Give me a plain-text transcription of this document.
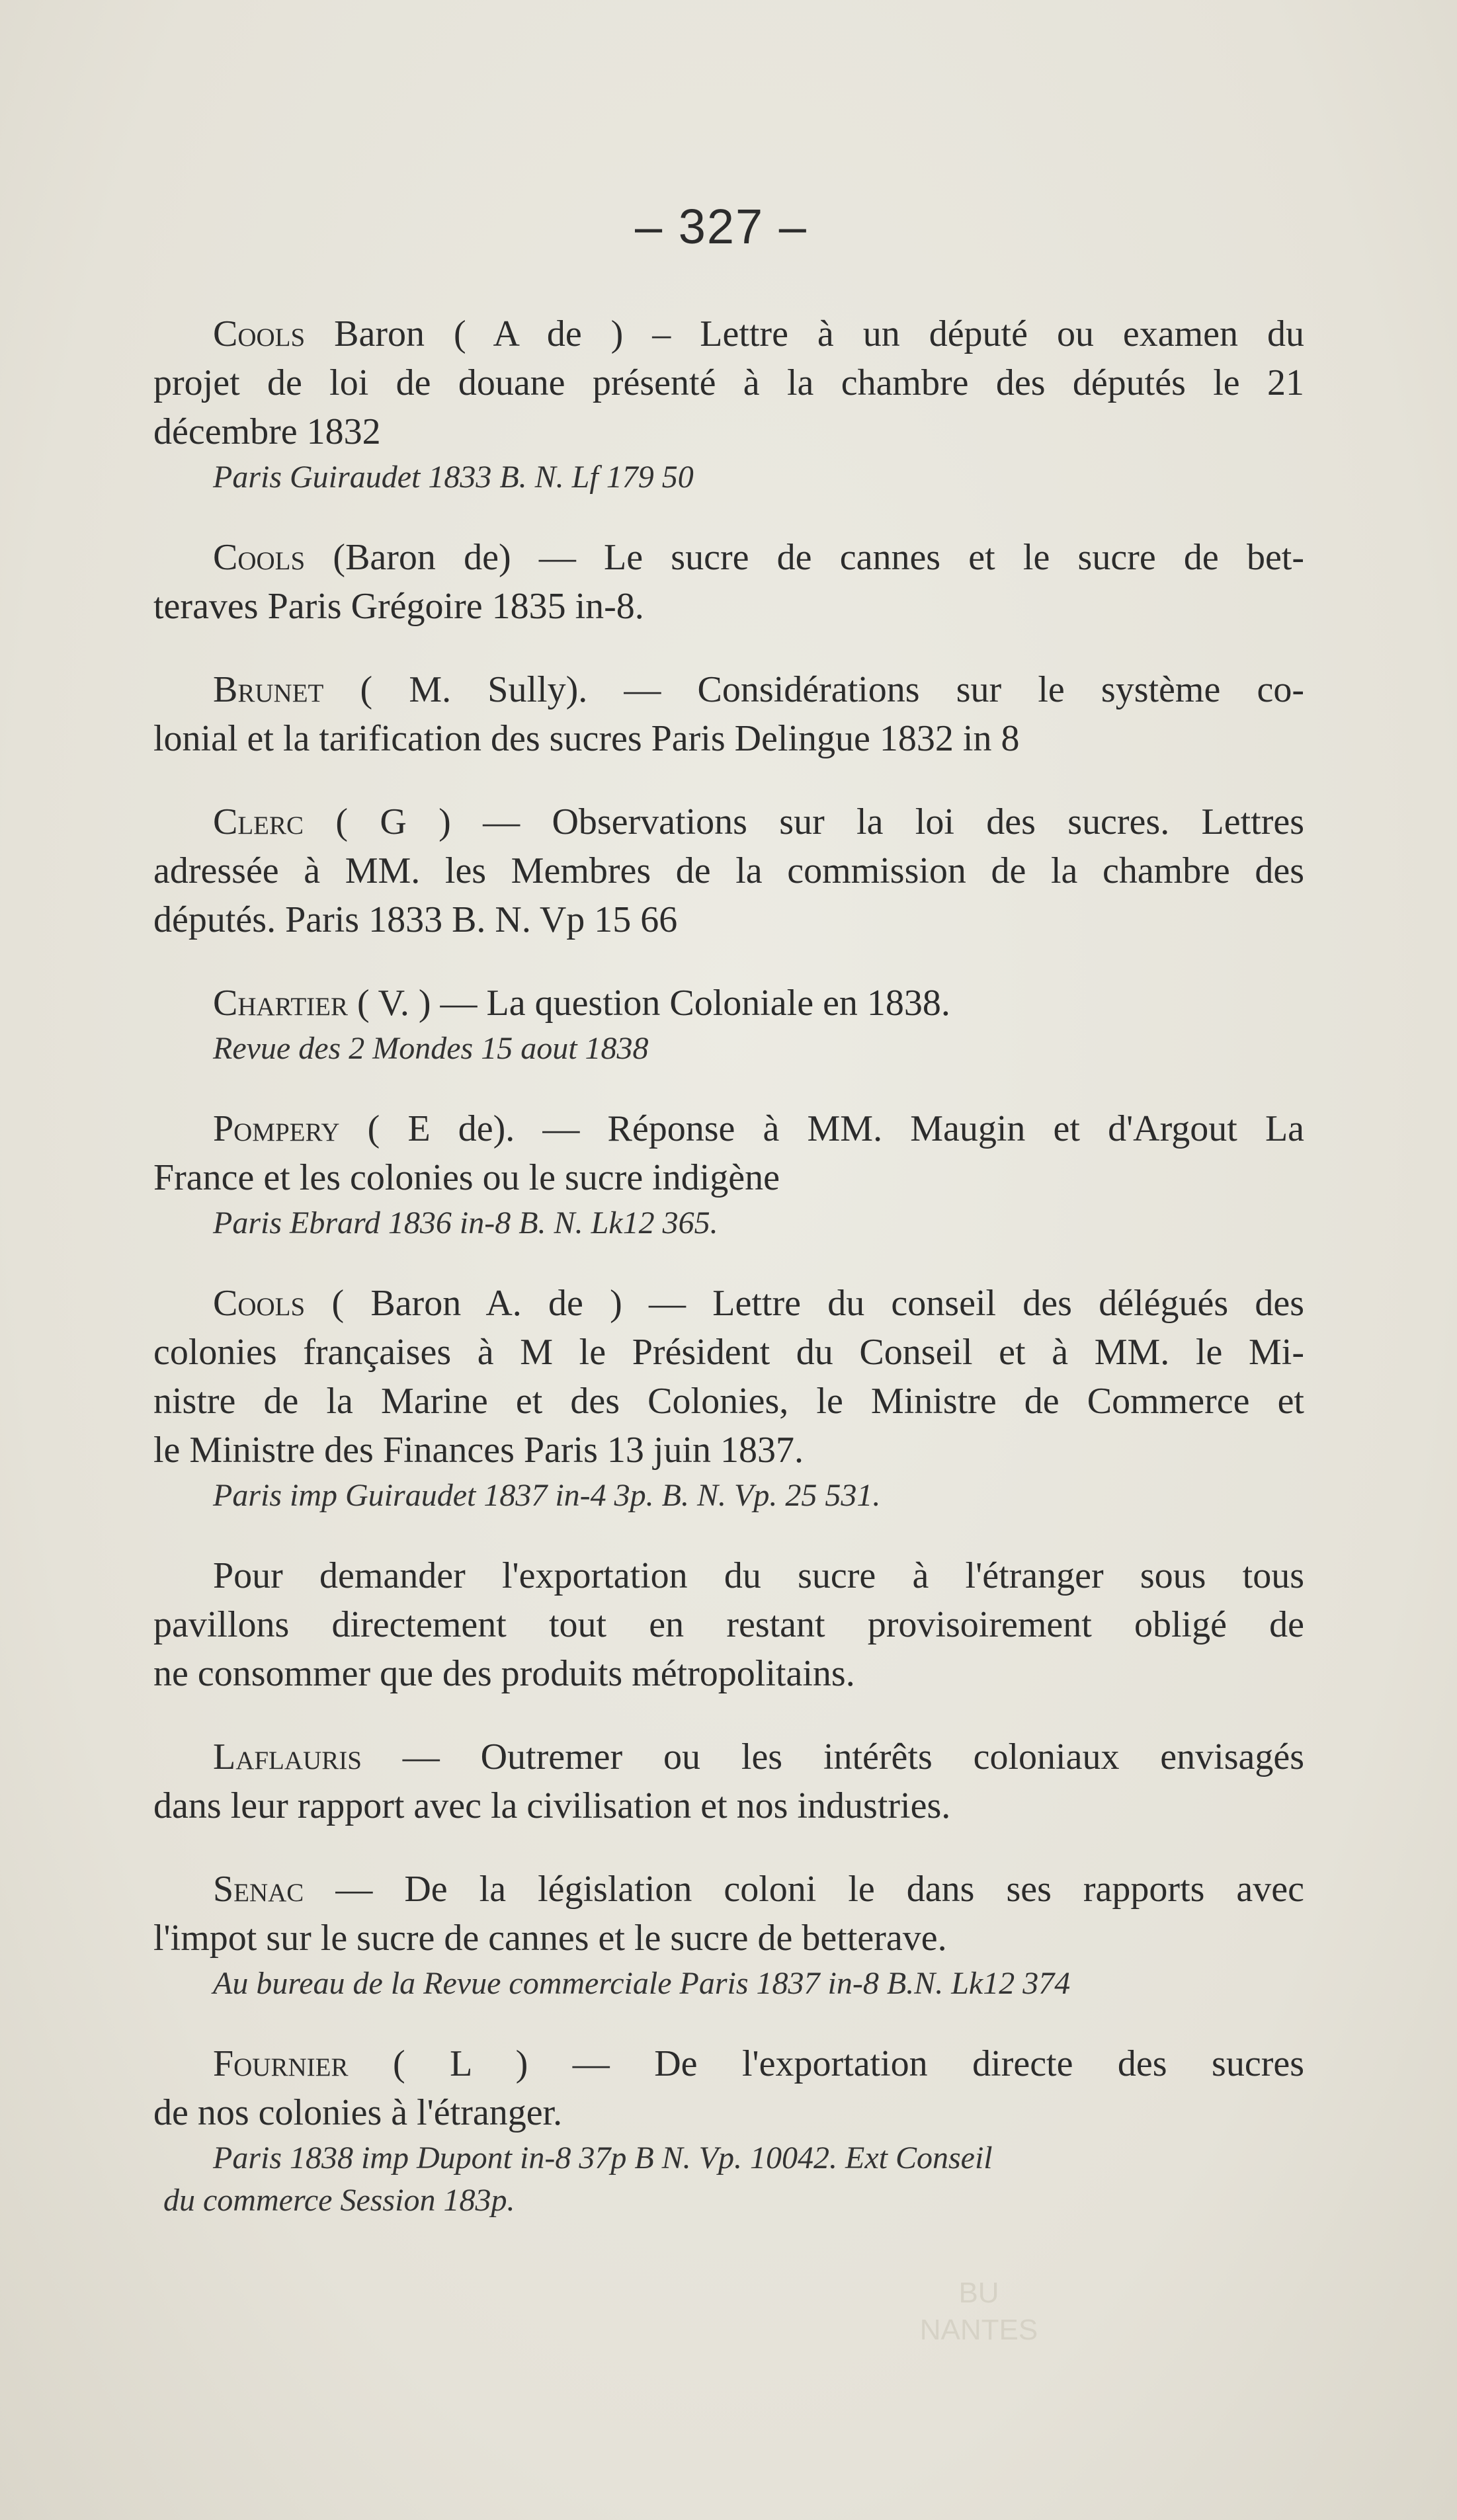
– 327 –
Cools Baron ( A de ) – Lettre à un député ou examen du
projet de loi de douane présenté à la chambre des députés le 21
décembre 1832
Paris Guiraudet 1833 B. N. Lf 179 50
Cools (Baron de) — Le sucre de cannes et le sucre de bet-
teraves Paris Grégoire 1835 in-8.
Brunet ( M. Sully). — Considérations sur le système co-
lonial et la tarification des sucres Paris Delingue 1832 in 8
Clerc ( G ) — Observations sur la loi des sucres. Lettres
adressée à MM. les Membres de la commission de la chambre des
députés. Paris 1833 B. N. Vp 15 66
Chartier ( V. ) — La question Coloniale en 1838.
Revue des 2 Mondes 15 aout 1838
Pompery ( E de). — Réponse à MM. Maugin et d'Argout La
France et les colonies ou le sucre indigène
Paris Ebrard 1836 in-8 B. N. Lk12 365.
Cools ( Baron A. de ) — Lettre du conseil des délégués des
colonies françaises à M le Président du Conseil et à MM. le Mi-
nistre de la Marine et des Colonies, le Ministre de Commerce et
le Ministre des Finances Paris 13 juin 1837.
Paris imp Guiraudet 1837 in-4 3p. B. N. Vp. 25 531.
Pour demander l'exportation du sucre à l'étranger sous tous
pavillons directement tout en restant provisoirement obligé de
ne consommer que des produits métropolitains.
Laflauris — Outremer ou les intérêts coloniaux envisagés
dans leur rapport avec la civilisation et nos industries.
Senac — De la législation coloni le dans ses rapports avec
l'impot sur le sucre de cannes et le sucre de betterave.
Au bureau de la Revue commerciale Paris 1837 in-8 B.N. Lk12 374
Fournier ( L ) — De l'exportation directe des sucres
de nos colonies à l'étranger.
Paris 1838 imp Dupont in-8 37p B N. Vp. 10042. Ext Conseil
du commerce Session 183p.
BU
NANTES
